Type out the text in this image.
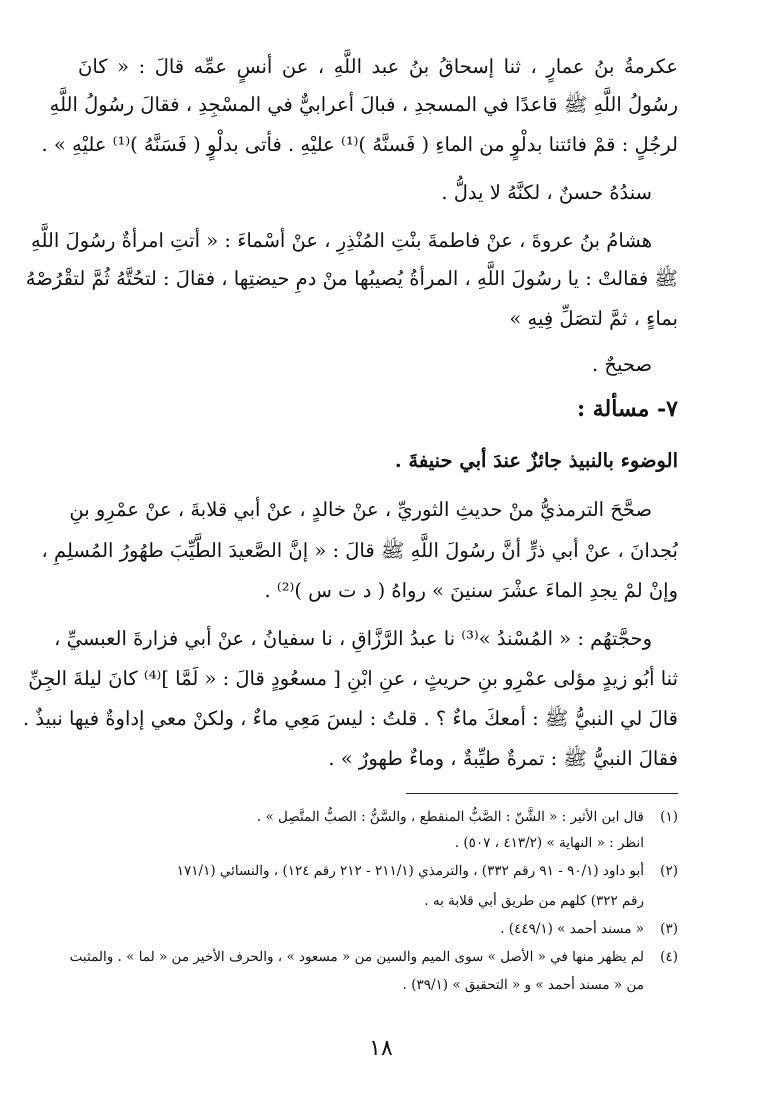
عكرمةُ بنُ عمارٍ ، ثنا إسحاقُ بنُ عبد اللَّهِ ، عن أنسٍ عمِّه قالَ : « كانَ
رسُولُ اللَّهِ ﷺ قاعدًا في المسجدِ ، فبالَ أعرابيٌّ في المسْجِدِ ، فقالَ رسُولُ اللَّهِ
لرجُلٍ : قمْ فائتنا بدلْوٍ من الماءِ ( فَسنَّهُ )⁽¹⁾ عليْهِ . فأتى بدلْوٍ ( فَسَنَّهُ )⁽¹⁾ عليْهِ » .
سندُهُ حسنٌ ، لكنَّهُ لا يدلُّ .
هشامُ بنُ عروةَ ، عنْ فاطمةَ بنْتِ المُنْذِرِ ، عنْ أسْماءَ : « أتتِ امرأةٌ رسُولَ اللَّهِ
ﷺ فقالتْ : يا رسُولَ اللَّهِ ، المرأةُ يُصيبُها منْ دمِ حيضتِها ، فقالَ : لتحُتَّهُ ثُمَّ لتقْرُصْهُ
بماءٍ ، ثمَّ لتصَلِّ فِيهِ »
صحيحٌ .
٧- مسألة :
الوضوء بالنبيذ جائزٌ عندَ أبي حنيفةَ .
صحَّحَ الترمذيُّ منْ حديثِ الثوريِّ ، عنْ خالدٍ ، عنْ أبي قلابةَ ، عنْ عمْرِو بنِ
بُجدانَ ، عنْ أبي ذرٍّ أنَّ رسُولَ اللَّهِ ﷺ قالَ : « إنَّ الصَّعيدَ الطَّيِّبَ طهُورُ المُسلِمِ ،
وإنْ لمْ يجدِ الماءَ عشْرَ سنينَ » رواهُ ( د ت س )⁽²⁾ .
وحجَّتهُم : « المُسْندُ »⁽³⁾ نا عبدُ الرَّزَّاقِ ، نا سفيانُ ، عنْ أبي فزارةَ العبسيِّ ،
ثنا أبُو زيدٍ مؤلى عمْرِو بنِ حريثٍ ، عنِ ابْنِ [ مسعُودٍ قالَ : « لَمَّا ]⁽⁴⁾ كانَ ليلةَ الجِنِّ
قالَ لي النبيُّ ﷺ : أمعكَ ماءٌ ؟ . قلتُ : ليسَ مَعِي ماءٌ ، ولكنْ معي إداوةٌ فيها نبيذٌ .
فقالَ النبيُّ ﷺ : تمرةٌ طيِّبةٌ ، وماءٌ طهورٌ » .
(١)قال ابن الأثير : « الشَّنّ : الصَّبُّ المنقطع ، والسَّنُّ : الصبُّ المتَّصِل » .
انظر : « النهاية » (٤١٣/٢ ، ٥٠٧) .
(٢)أبو داود (٩٠/١ - ٩١ رقم ٣٣٢) ، والترمذي (٢١١/١ - ٢١٢ رقم ١٢٤) ، والنسائي (١٧١/١
رقم ٣٢٢) كلهم من طريق أبي قلابة به .
(٣)« مسند أحمد » (٤٤٩/١) .
(٤)لم يظهر منها في « الأصل » سوى الميم والسين من « مسعود » ، والحرف الأخير من « لما » . والمثبت
من « مسند أحمد » و « التحقيق » (٣٩/١) .
١٨
